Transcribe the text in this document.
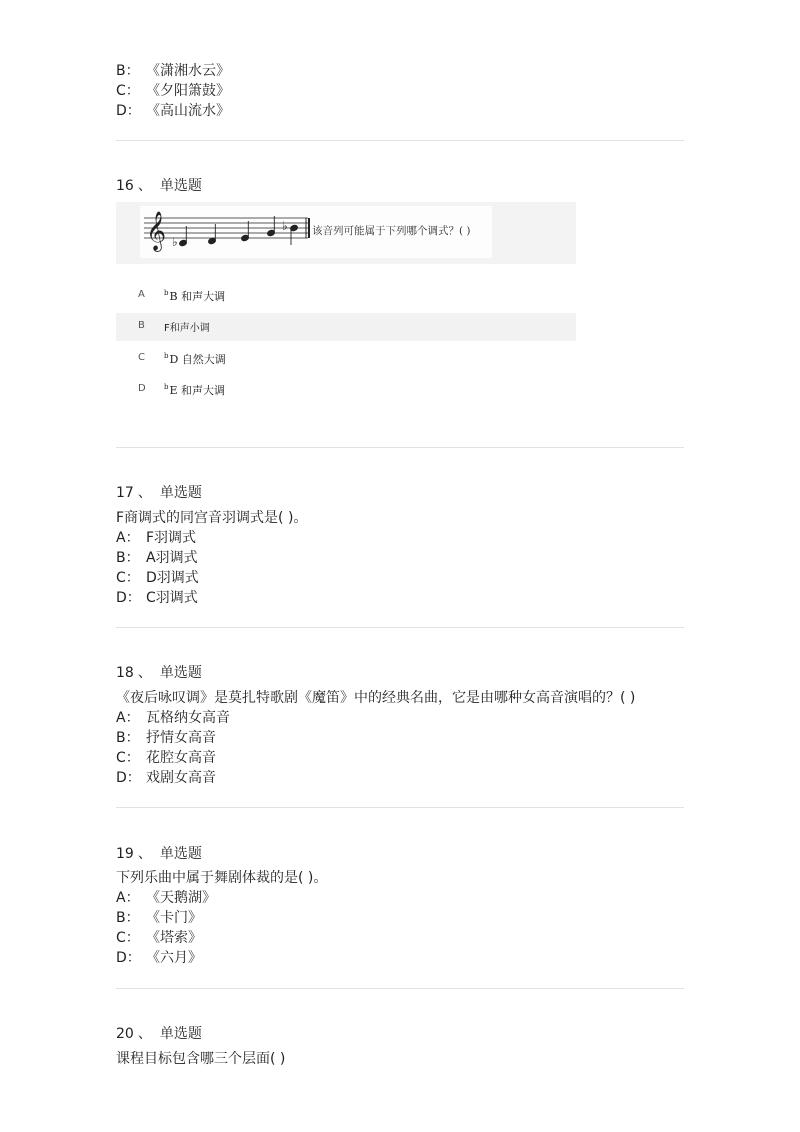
B： 《潇湘水云》
C： 《夕阳箫鼓》
D： 《高山流水》
16 、 单选题
𝄞 ♭
♭ 该音列可能属于下列哪个调式？( )
A	$^b$B 和声大调
B F和声小调
C	$^b$D 自然大调
D	$^b$E 和声大调
17 、 单选题
F商调式的同宫音羽调式是( )。
A： F羽调式
B： A羽调式
C： D羽调式
D： C羽调式
18 、 单选题
《夜后咏叹调》是莫扎特歌剧《魔笛》中的经典名曲，它是由哪种女高音演唱的？( )
A： 瓦格纳女高音
B： 抒情女高音
C： 花腔女高音
D： 戏剧女高音
19 、 单选题
下列乐曲中属于舞剧体裁的是( )。
A： 《天鹅湖》
B： 《卡门》
C： 《塔索》
D： 《六月》
20 、 单选题
课程目标包含哪三个层面( )
